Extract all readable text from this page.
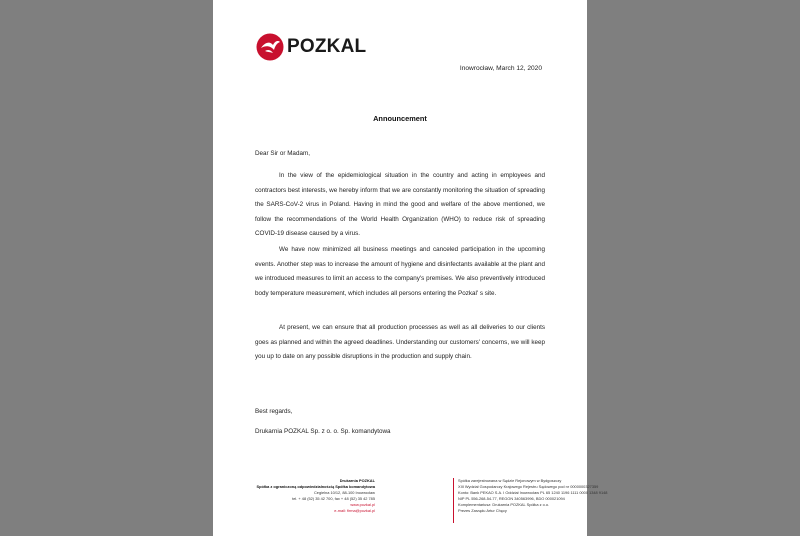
POZKAL
Inowrocław, March 12, 2020
Announcement
Dear Sir or Madam,
In the view of the epidemiological situation in the country and acting in employees and contractors best interests, we hereby inform that we are constantly monitoring the situation of spreading the SARS-CoV-2 virus in Poland. Having in mind the good and welfare of the above mentioned, we follow the recommendations of the World Health Organization (WHO) to reduce risk of spreading COVID-19 disease caused by a virus.
We have now minimized all business meetings and canceled participation in the upcoming events. Another step was to increase the amount of hygiene and disinfectants available at the plant and we introduced measures to limit an access to the company's premises. We also preventively introduced body temperature measurement, which includes all persons entering the Pozkal' s site.
At present, we can ensure that all production processes as well as all deliveries to our clients goes as planned and within the agreed deadlines. Understanding our customers' concerns, we will keep you up to date on any possible disruptions in the production and supply chain.
Best regards,
Drukarnia POZKAL Sp. z o. o. Sp. komandytowa
Drukarnia POZKAL
Spółka z ograniczoną odpowiedzialnością Spółka komandytowa
Cegielna 10/12, 88-100 Inowrocław
tel. + 48 (52) 35 42 700, fax + 48 (52) 35 42 785
www.pozkal.pl
e-mail: firma@pozkal.pl
Spółka zarejestrowana w Sądzie Rejonowym w Bydgoszczy
XIII Wydział Gospodarczy Krajowego Rejestru Sądowego pod nr 0000000327359
Konto: Bank PEKAO S.A. I Oddział Inowrocław PL 65 1240 1196 1111 0000 1348 9148
NIP PL 556-268-54-77, REGON 340563996, BDO 000021094
Komplementariusz: Drukarnia POZKAL Spółka z o.o.
Prezes Zarządu Artur Chęcy
